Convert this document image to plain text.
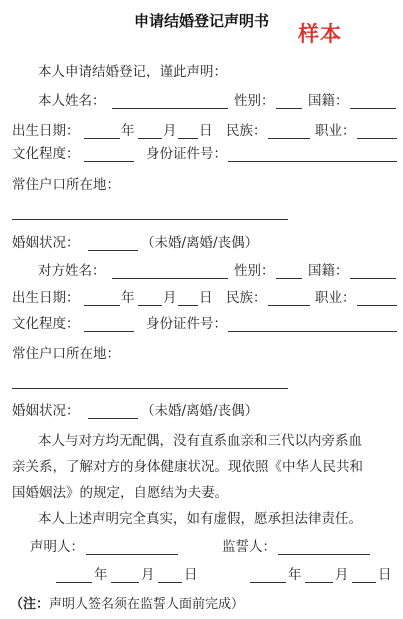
申请结婚登记声明书
样本
本人申请结婚登记，谨此声明：
本人姓名：	性别： 国籍：
出生日期：	年 月 日 民族：	职业：
文化程度：	身份证件号：
常住户口所在地：
婚姻状况：	（未婚/离婚/丧偶）
对方姓名：	性别： 国籍：
出生日期：	年 月 日 民族：	职业：
文化程度：	身份证件号：
常住户口所在地：
婚姻状况：	（未婚/离婚/丧偶）
本人与对方均无配偶，没有直系血亲和三代以内旁系血
亲关系，了解对方的身体健康状况。现依照《中华人民共和
国婚姻法》的规定，自愿结为夫妻。
本人上述声明完全真实，如有虚假，愿承担法律责任。
声明人：	监誓人：
年 月 日	年 月 日
（注：声明人签名须在监誓人面前完成）
